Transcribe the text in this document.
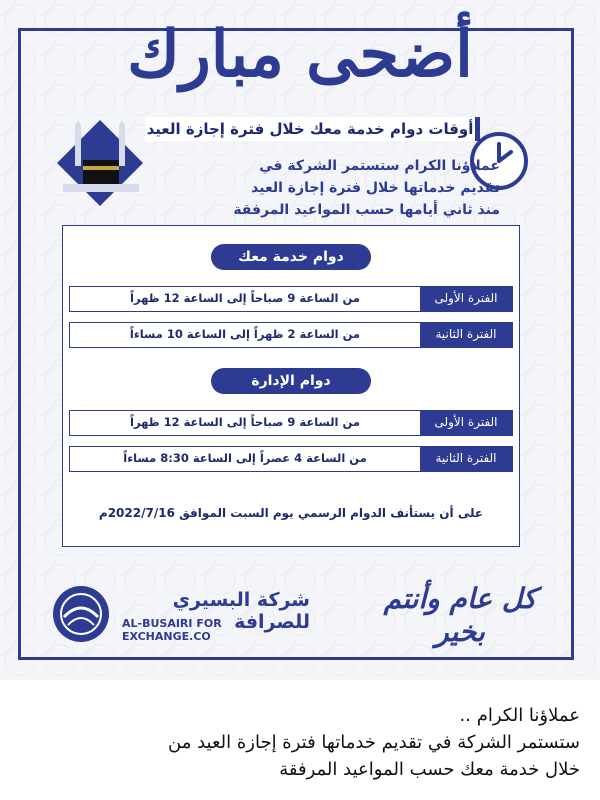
أضحى مبارك
أوقات دوام خدمة معك خلال فترة إجازة العيد
عملاؤنا الكرام ستستمر الشركة في
تقديم خدماتها خلال فترة إجازة العيد
منذ ثاني أيامها حسب المواعيد المرفقة
دوام خدمة معك
الفترة الأولى
من الساعة 9 صباحاً إلى الساعة 12 ظهراً
الفترة الثانية
من الساعة 2 ظهراً إلى الساعة 10 مساءاً
دوام الإدارة
الفترة الأولى
من الساعة 9 صباحاً إلى الساعة 12 ظهراً
الفترة الثانية
من الساعة 4 عصراً إلى الساعة 8:30 مساءاً
على أن يستأنف الدوام الرسمي يوم السبت الموافق 2022/7/16م
شركة البسيري للصرافة
AL-BUSAIRI FOR EXCHANGE.CO
كل عام وأنتم بخير
عملاؤنا الكرام ..
ستستمر الشركة في تقديم خدماتها فترة إجازة العيد من
خلال خدمة معك حسب المواعيد المرفقة
